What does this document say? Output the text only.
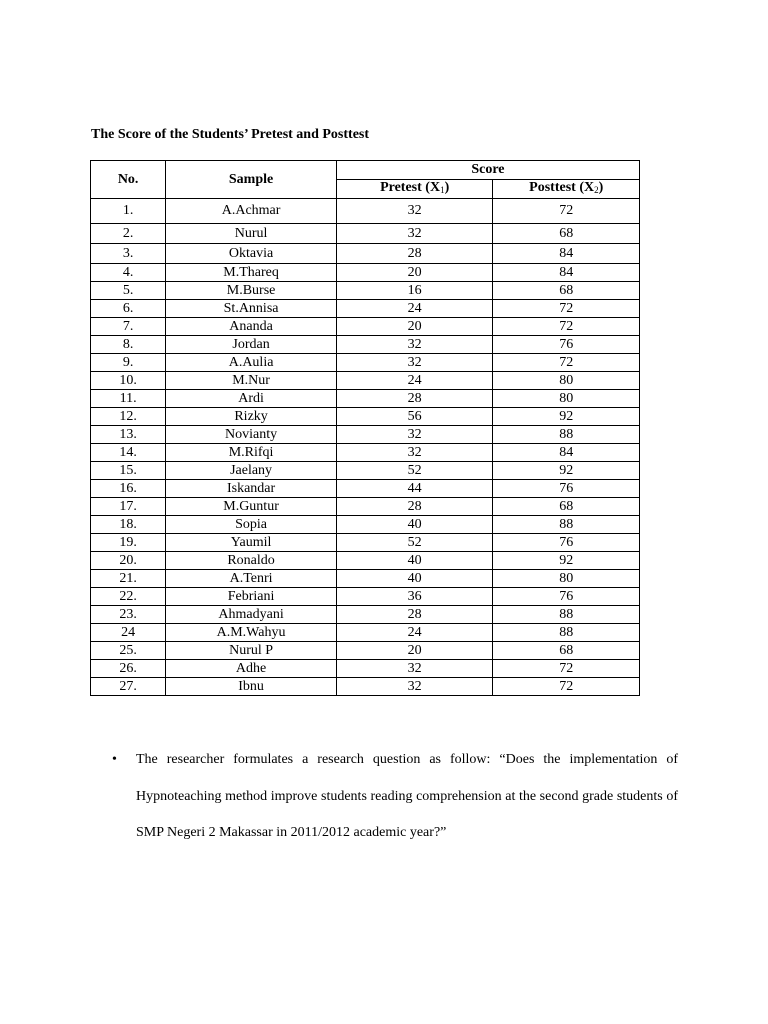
The Score of the Students’ Pretest and Posttest
No.	Sample	Score	
		Pretest $(X_1)$	Posttest $(X_2)$
1.	A.Achmar	32	72
2.	Nurul	32	68
3.	Oktavia	28	84
4.	M.Thareq	20	84
5.	M.Burse	16	68
6.	St.Annisa	24	72
7.	Ananda	20	72
8.	Jordan	32	76
9.	A.Aulia	32	72
10.	M.Nur	24	80
11.	Ardi	28	80
12.	Rizky	56	92
13.	Novianty	32	88
14.	M.Rifqi	32	84
15.	Jaelany	52	92
16.	Iskandar	44	76
17.	M.Guntur	28	68
18.	Sopia	40	88
19.	Yaumil	52	76
20.	Ronaldo	40	92
21.	A.Tenri	40	80
22.	Febriani	36	76
23.	Ahmadyani	28	88
24	A.M.Wahyu	24	88
25.	Nurul P	20	68
26.	Adhe	32	72
27.	Ibnu	32	72
• The researcher formulates a research question as follow: “Does the implementation of Hypnoteaching method improve students reading comprehension at the second grade students of SMP Negeri 2 Makassar in 2011/2012 academic year?”
